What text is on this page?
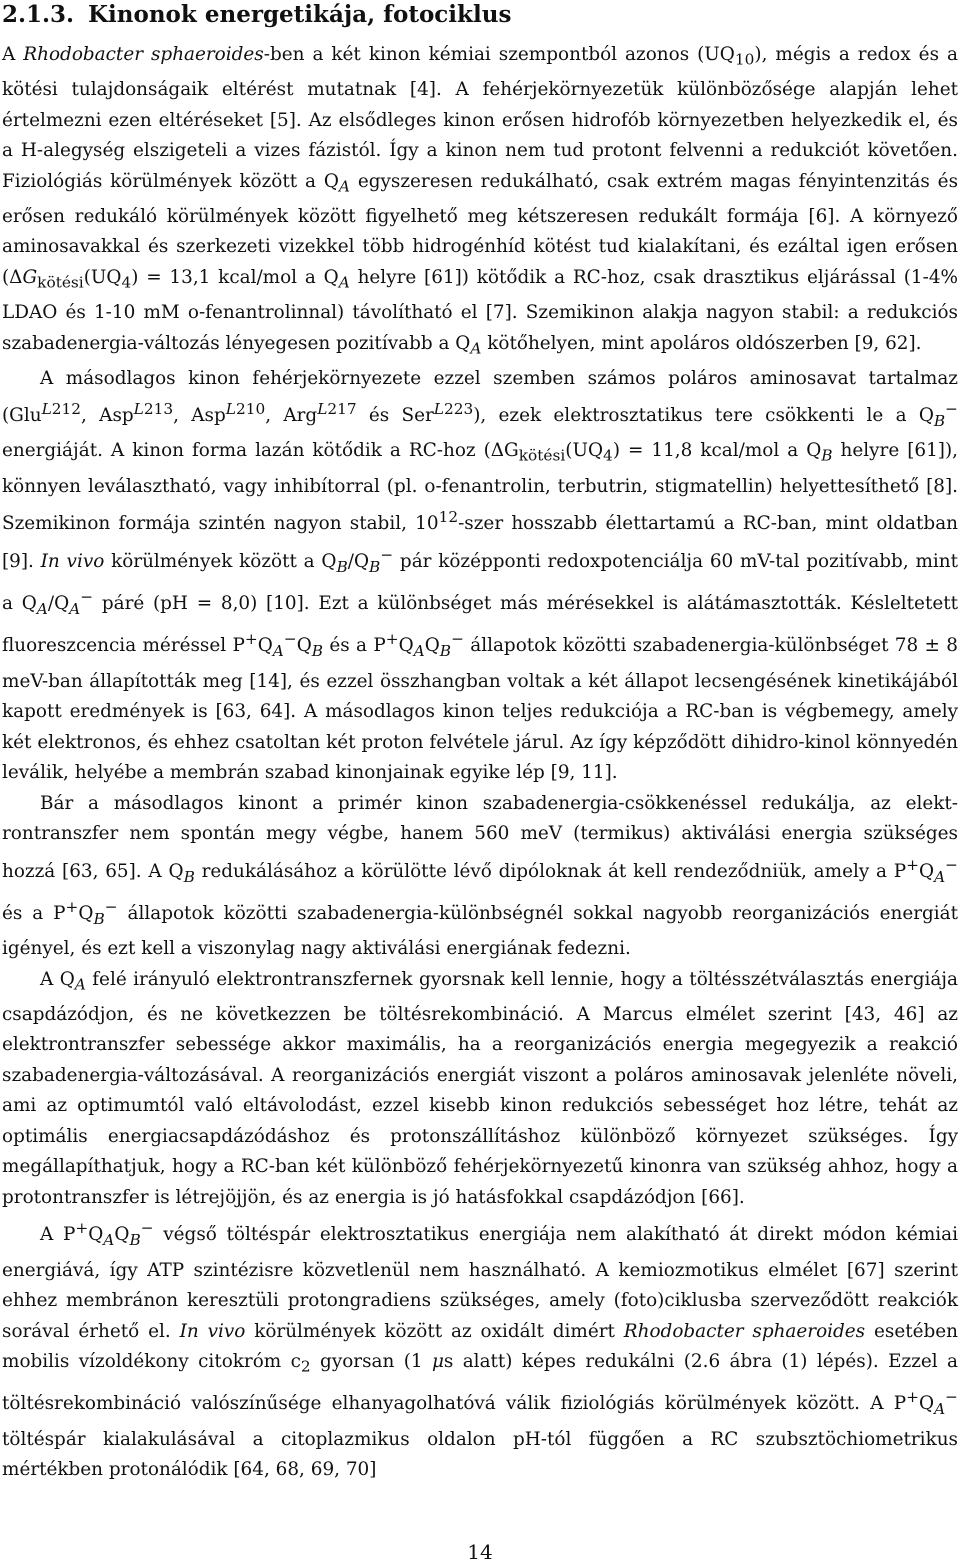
2.1.3. Kinonok energetikája, fotociklus

A Rhodobacter sphaeroides-ben a két kinon kémiai szempontból azonos $(UQ_{10})$, mégis a redox és a kötési tulajdonságaik eltérést mutatnak [4]. A fehérjekörnyezetük különbözősége alapján lehet értelmezni ezen eltéréseket [5]. Az elsődleges kinon erősen hidrofób környezetben helyezkedik el, és a H-alegység elszigeteli a vizes fázistól. Így a kinon nem tud protont felvenni a redukciót követően. Fiziológiás körülmények között a $Q_A$ egyszeresen redukálható, csak extrém magas fényintenzitás és erősen redukáló körülmények között figyelhető meg kétszeresen redukált formája [6]. A környező aminosavakkal és szerkezeti vizekkel több hidrogénhíd kötést tud kialakítani, és ezáltal igen erősen ($\Delta G_{kötési}(UQ_4) = 13,1$ kcal/mol a $Q_A$ helyre [61]) kötődik a RC-hoz, csak drasztikus eljárással (1-4% LDAO és 1-10 mM o-fenantrolinnal) távolítható el [7]. Szemikinon alakja nagyon stabil: a redukciós szabadenergia-változás lényegesen pozitívabb a $Q_A$ kötőhelyen, mint apoláros oldószerben [9, 62].

A másodlagos kinon fehérjekörnyezete ezzel szemben számos poláros aminosavat tartalmaz (Glu$^{L212}$, Asp$^{L213}$, Asp$^{L210}$, Arg$^{L217}$ és Ser$^{L223}$), ezek elektrosztatikus tere csökkenti le a $Q_B^-$ energiáját. A kinon forma lazán kötődik a RC-hoz ($\Delta G_{kötési}(UQ_4) = 11,8$ kcal/mol a $Q_B$ helyre [61]), könnyen leválasztható, vagy inhibítorral (pl. o-fenantrolin, terbutrin, stigmatellin) helyettesíthető [8]. Szemikinon formája szintén nagyon stabil, $10^{12}$-szer hosszabb élettartamú a RC-ban, mint oldatban [9]. In vivo körülmények között a $Q_B/Q_B^-$ pár középponti redoxpotenciálja 60 mV-tal pozitívabb, mint a $Q_A/Q_A^-$ páré (pH = 8,0) [10]. Ezt a különbséget más mérésekkel is alátámasztották. Késleltetett fluoreszcencia méréssel $P^+Q_A^-Q_B$ és a $P^+Q_AQ_B^-$ állapotok közötti szabadenergia-különbséget 78 ± 8 meV-ban állapították meg [14], és ezzel összhangban voltak a két állapot lecsengésének kinetikájából kapott eredmények is [63, 64]. A másodlagos kinon teljes redukciója a RC-ban is végbemegy, amely két elektronos, és ehhez csatoltan két proton felvétele járul. Az így képződött dihidro-kinol könnyedén leválik, helyébe a membrán szabad kinonjainak egyike lép [9, 11].

Bár a másodlagos kinont a primér kinon szabadenergia-csökkenéssel redukálja, az elektrontranszfer nem spontán megy végbe, hanem 560 meV (termikus) aktiválási energia szükséges hozzá [63, 65]. A $Q_B$ redukálásához a körülötte lévő dipóloknak át kell rendeződniük, amely a $P^+Q_A^-$ és a $P^+Q_B^-$ állapotok közötti szabadenergia-különbségnél sokkal nagyobb reorganizációs energiát igényel, és ezt kell a viszonylag nagy aktiválási energiának fedezni.

A $Q_A$ felé irányuló elektrontranszfernek gyorsnak kell lennie, hogy a töltésszétválasztás energiája csapdázódjon, és ne következzen be töltésrekombináció. A Marcus elmélet szerint [43, 46] az elektrontranszfer sebessége akkor maximális, ha a reorganizációs energia megegyezik a reakció szabadenergia-változásával. A reorganizációs energiát viszont a poláros aminosavak jelenléte növeli, ami az optimumtól való eltávolodást, ezzel kisebb kinon redukciós sebességet hoz létre, tehát az optimális energiacsapdázódáshoz és protonszállításhoz különböző környezet szükséges. Így megállapíthatjuk, hogy a RC-ban két különböző fehérjekörnyezetű kinonra van szükség ahhoz, hogy a protontranszfer is létrejöjjön, és az energia is jó hatásfokkal csapdázódjon [66].

A $P^+Q_AQ_B^-$ végső töltéspár elektrosztatikus energiája nem alakítható át direkt módon kémiai energiává, így ATP szintézisre közvetlenül nem használható. A kemiozmotikus elmélet [67] szerint ehhez membránon keresztüli protongradiens szükséges, amely (foto)ciklusba szerveződött reakciók sorával érhető el. In vivo körülmények között az oxidált dimért Rhodobacter sphaeroides esetében mobilis vízoldékony citokróm $c_2$ gyorsan (1 μs alatt) képes redukálni (2.6 ábra (1) lépés). Ezzel a töltésrekombináció valószínűsége elhanyagolhatóvá válik fiziológiás körülmények között. A $P^+Q_A^-$ töltéspár kialakulásával a citoplazmikus oldalon pH-tól függően a RC szubsztöchiometrikus mértékben protonálódik [64, 68, 69, 70]

14
